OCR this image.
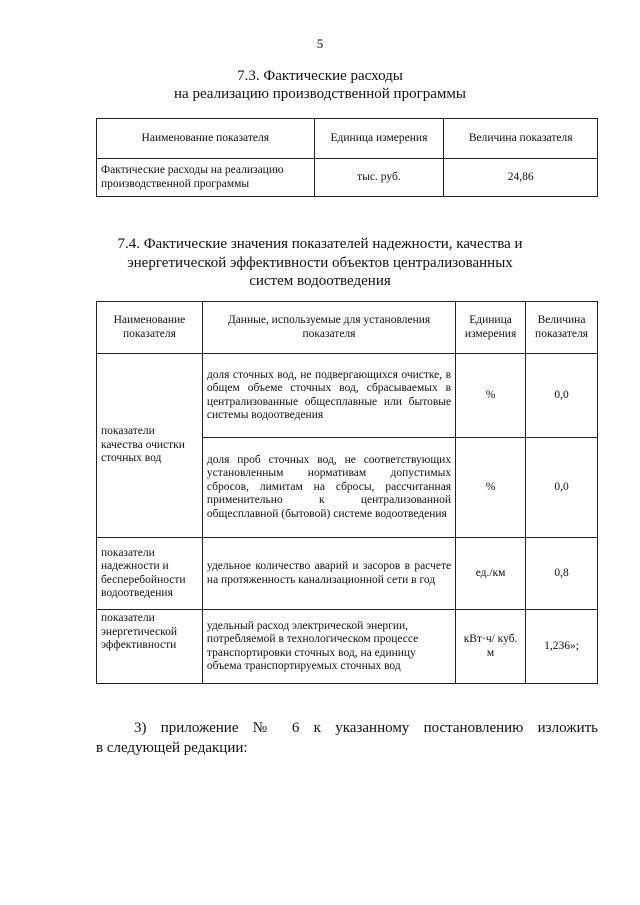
5
7.3. Фактические расходы
на реализацию производственной программы
Наименование показателя	Единица измерения	Величина показателя
Фактические расходы на реализацию производственной программы	тыс. руб.	24,86
7.4. Фактические значения показателей надежности, качества и
энергетической эффективности объектов централизованных
систем водоотведения
Наименование показателя	Данные, используемые для установления показателя	Единица измерения	Величина показателя
показатели качества очистки сточных вод	доля сточных вод, не подвергающихся очистке, в общем объеме сточных вод, сбрасываемых в централизованные общесплавные или бытовые системы водоотведения	%	0,0
	доля проб сточных вод, не соответствующих установленным нормативам допустимых сбросов, лимитам на сбросы, рассчитанная применительно к централизованной общесплавной (бытовой) системе водоотведения	%	0,0
показатели надежности и бесперебойности водоотведения	удельное количество аварий и засоров в расчете на протяженность канализационной сети в год	ед./км	0,8
показатели энергетической эффективности	удельный расход электрической энергии, потребляемой в технологическом процессе транспортировки сточных вод, на единицу объема транспортируемых сточных вод	кВт·ч/ куб. м	1,236»;
3) приложение № 6 к указанному постановлению изложить
в следующей редакции:
